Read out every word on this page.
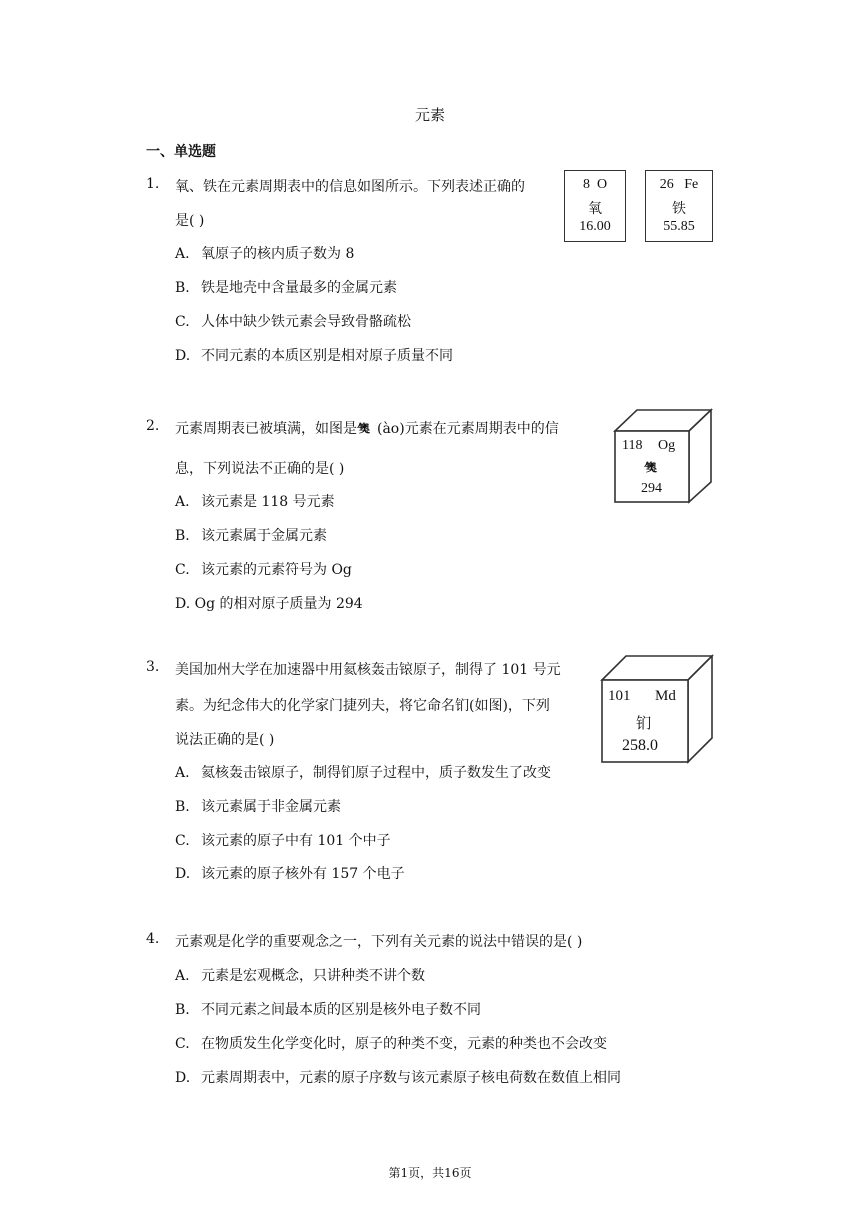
元素
一、单选题
1. 氧、铁在元素周期表中的信息如图所示。下列表述正确的
是( )
A. 氧原子的核内质子数为 8
B. 铁是地壳中含量最多的金属元素
C. 人体中缺少铁元素会导致骨骼疏松
D. 不同元素的本质区别是相对原子质量不同
8 O
氧
16.00
26 Fe
铁
55.85
2. 元素周期表已被填满，如图是气奥 (ào)元素在元素周期表中的信
息，下列说法不正确的是( )
A. 该元素是 118 号元素
B. 该元素属于金属元素
C. 该元素的元素符号为 Og
D. Og 的相对原子质量为 294
118 Og
气奥
294
3. 美国加州大学在加速器中用氦核轰击锿原子，制得了 101 号元
素。为纪念伟大的化学家门捷列夫，将它命名钔(如图)，下列
说法正确的是( )
A. 氦核轰击锿原子，制得钔原子过程中，质子数发生了改变
B. 该元素属于非金属元素
C. 该元素的原子中有 101 个中子
D. 该元素的原子核外有 157 个电子
101 Md
钔
258.0
4. 元素观是化学的重要观念之一，下列有关元素的说法中错误的是( )
A. 元素是宏观概念，只讲种类不讲个数
B. 不同元素之间最本质的区别是核外电子数不同
C. 在物质发生化学变化时，原子的种类不变，元素的种类也不会改变
D. 元素周期表中，元素的原子序数与该元素原子核电荷数在数值上相同
第1页，共16页
